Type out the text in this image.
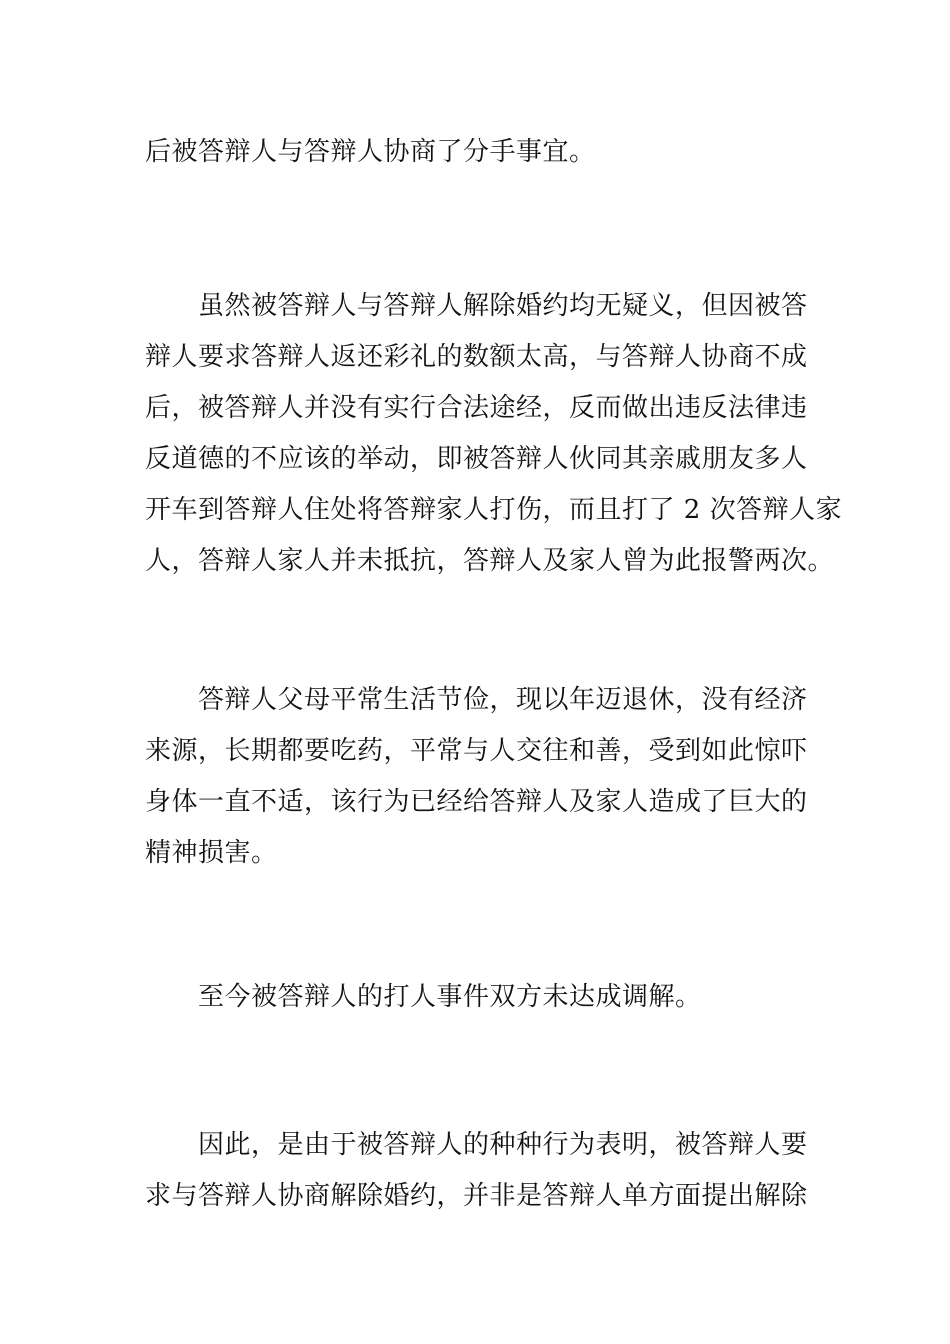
后被答辩人与答辩人协商了分手事宜。
虽然被答辩人与答辩人解除婚约均无疑义，但因被答
辩人要求答辩人返还彩礼的数额太高，与答辩人协商不成
后，被答辩人并没有实行合法途经，反而做出违反法律违
反道德的不应该的举动，即被答辩人伙同其亲戚朋友多人
开车到答辩人住处将答辩家人打伤，而且打了 2 次答辩人家
人，答辩人家人并未抵抗，答辩人及家人曾为此报警两次。
答辩人父母平常生活节俭，现以年迈退休，没有经济
来源，长期都要吃药，平常与人交往和善，受到如此惊吓
身体一直不适，该行为已经给答辩人及家人造成了巨大的
精神损害。
至今被答辩人的打人事件双方未达成调解。
因此，是由于被答辩人的种种行为表明，被答辩人要
求与答辩人协商解除婚约，并非是答辩人单方面提出解除
